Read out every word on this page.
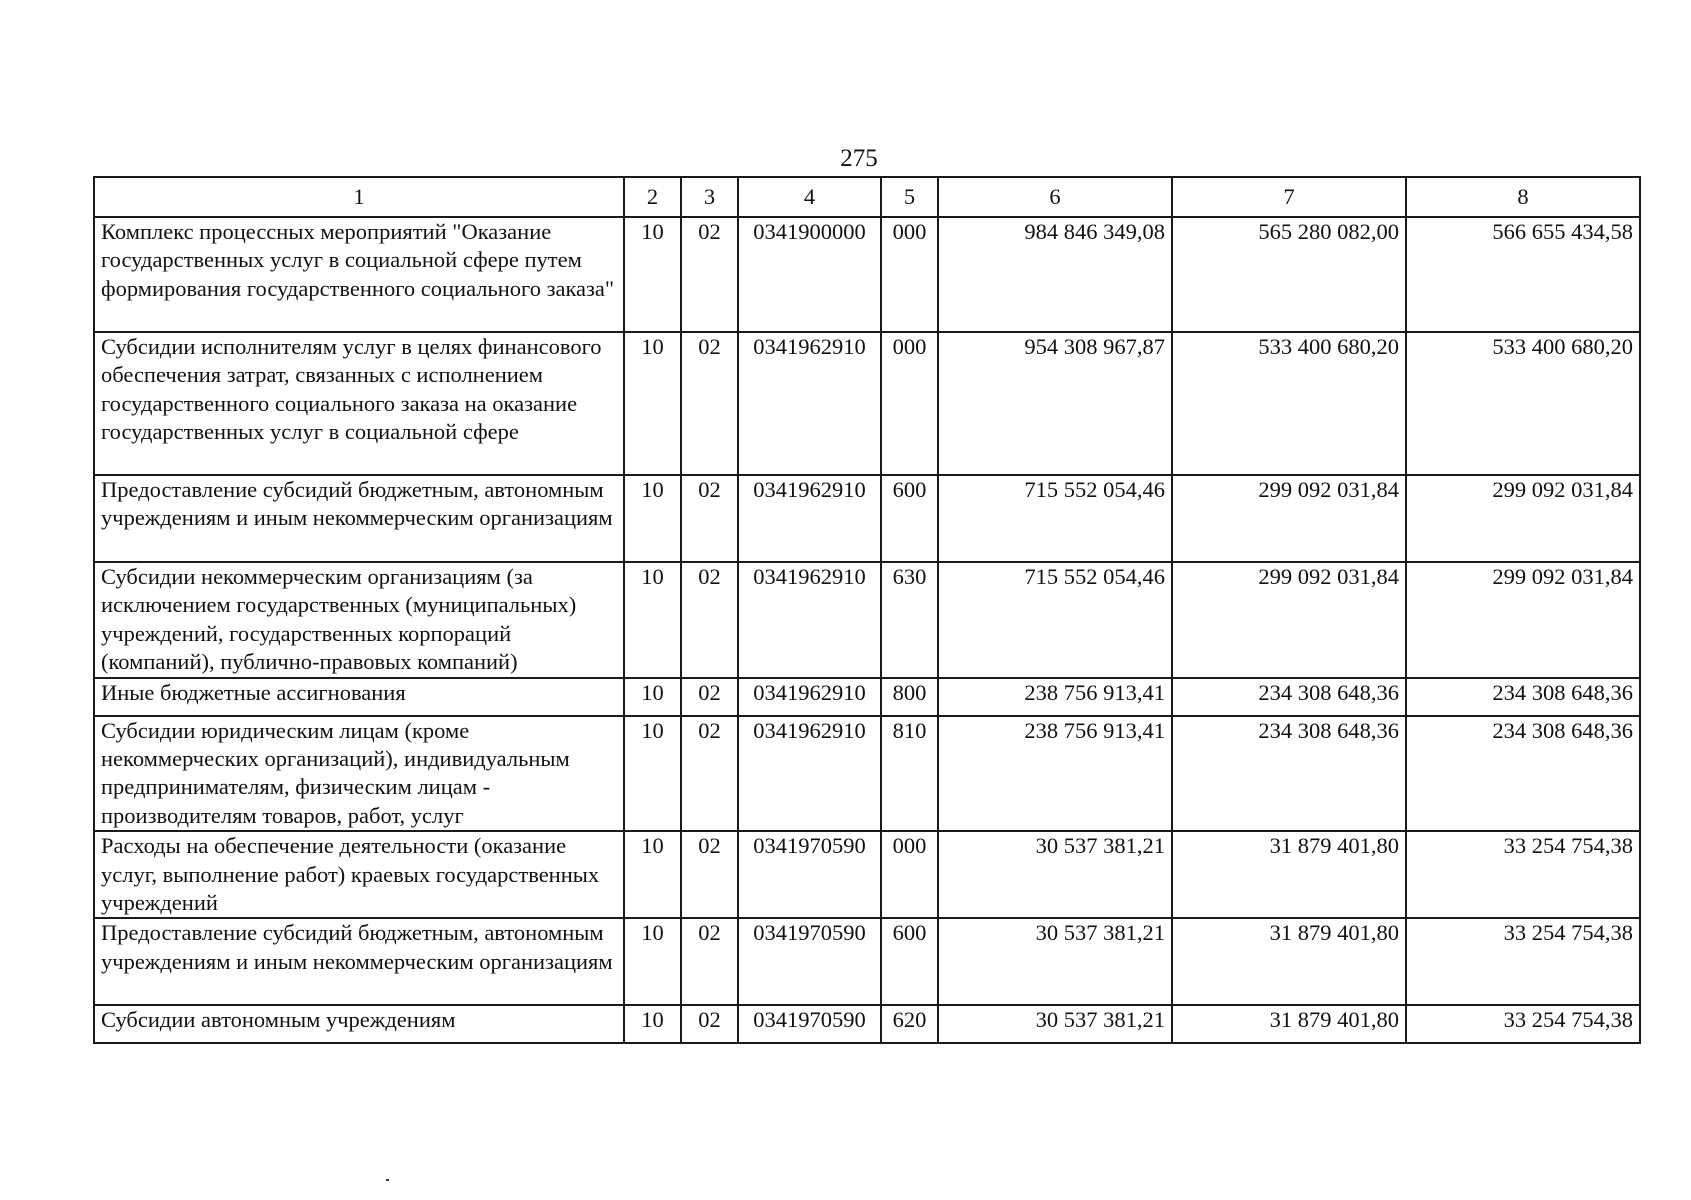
275
1	2	3	4	5	6	7	8
Комплекс процессных мероприятий "Оказание государственных услуг в социальной сфере путем формирования государственного социального заказа"	10	02	0341900000	000	984 846 349,08	565 280 082,00	566 655 434,58
Субсидии исполнителям услуг в целях финансового обеспечения затрат, связанных с исполнением государственного социального заказа на оказание государственных услуг в социальной сфере	10	02	0341962910	000	954 308 967,87	533 400 680,20	533 400 680,20
Предоставление субсидий бюджетным, автономным учреждениям и иным некоммерческим организациям	10	02	0341962910	600	715 552 054,46	299 092 031,84	299 092 031,84
Субсидии некоммерческим организациям (за исключением государственных (муниципальных) учреждений, государственных корпораций (компаний), публично-правовых компаний)	10	02	0341962910	630	715 552 054,46	299 092 031,84	299 092 031,84
Иные бюджетные ассигнования	10	02	0341962910	800	238 756 913,41	234 308 648,36	234 308 648,36
Субсидии юридическим лицам (кроме некоммерческих организаций), индивидуальным предпринимателям, физическим лицам - производителям товаров, работ, услуг	10	02	0341962910	810	238 756 913,41	234 308 648,36	234 308 648,36
Расходы на обеспечение деятельности (оказание услуг, выполнение работ) краевых государственных учреждений	10	02	0341970590	000	30 537 381,21	31 879 401,80	33 254 754,38
Предоставление субсидий бюджетным, автономным учреждениям и иным некоммерческим организациям	10	02	0341970590	600	30 537 381,21	31 879 401,80	33 254 754,38
Субсидии автономным учреждениям	10	02	0341970590	620	30 537 381,21	31 879 401,80	33 254 754,38
